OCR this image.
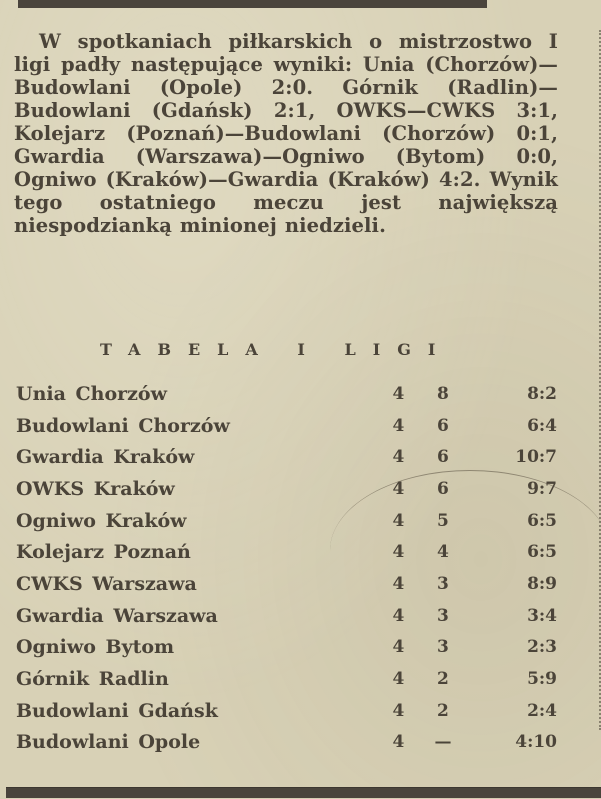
W spotkaniach piłkarskich o mistrzostwo I ligi padły następujące wyniki: Unia (Chorzów)—Budowlani (Opole) 2:0. Górnik (Radlin)—Budowlani (Gdańsk) 2:1, OWKS—CWKS 3:1, Kolejarz (Poznań)—Budowlani (Chorzów) 0:1, Gwardia (Warszawa)—Ogniwo (Bytom) 0:0, Ogniwo (Kraków)—Gwardia (Kraków) 4:2. Wynik tego ostatniego meczu jest największą niespodzianką minionej niedzieli.

TABELA I LIGI
Unia Chorzów	4	8	8:2
Budowlani Chorzów	4	6	6:4
Gwardia Kraków	4	6	10:7
OWKS Kraków	4	6	9:7
Ogniwo Kraków	4	5	6:5
Kolejarz Poznań	4	4	6:5
CWKS Warszawa	4	3	8:9
Gwardia Warszawa	4	3	3:4
Ogniwo Bytom	4	3	2:3
Górnik Radlin	4	2	5:9
Budowlani Gdańsk	4	2	2:4
Budowlani Opole	4	—	4:10
